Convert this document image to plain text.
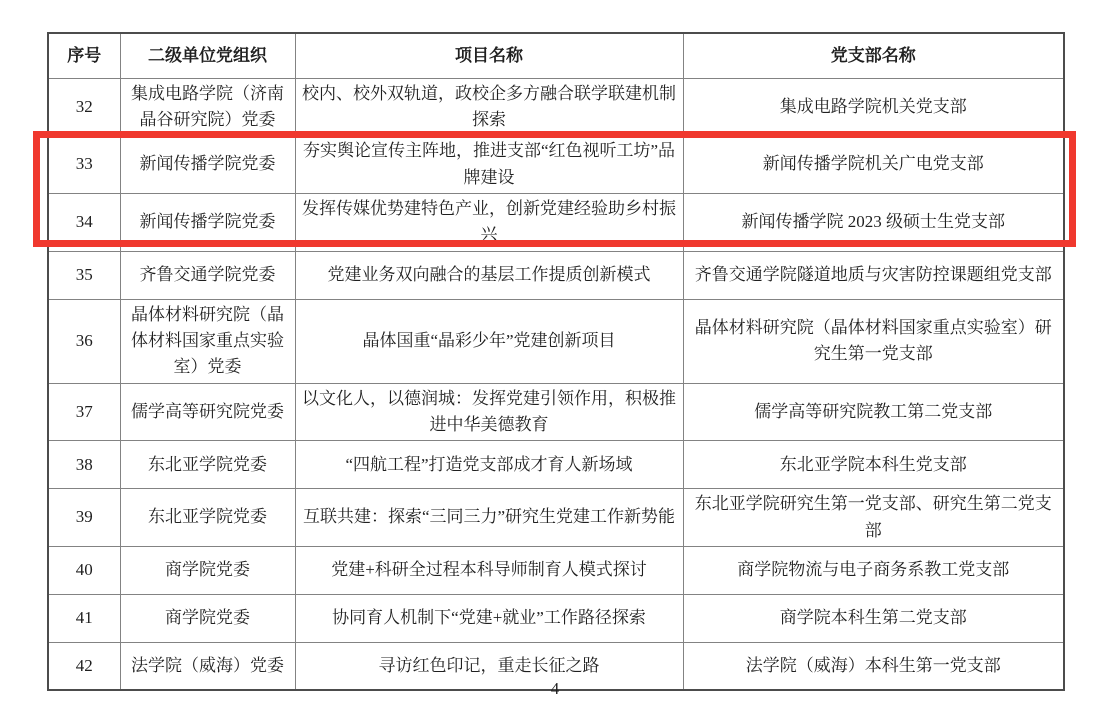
序号	二级单位党组织	项目名称	党支部名称
32	集成电路学院（济南晶谷研究院）党委	校内、校外双轨道，政校企多方融合联学联建机制探索	集成电路学院机关党支部
33	新闻传播学院党委	夯实舆论宣传主阵地，推进支部“红色视听工坊”品牌建设	新闻传播学院机关广电党支部
34	新闻传播学院党委	发挥传媒优势建特色产业，创新党建经验助乡村振兴	新闻传播学院 2023 级硕士生党支部
35	齐鲁交通学院党委	党建业务双向融合的基层工作提质创新模式	齐鲁交通学院隧道地质与灾害防控课题组党支部
36	晶体材料研究院（晶体材料国家重点实验室）党委	晶体国重“晶彩少年”党建创新项目	晶体材料研究院（晶体材料国家重点实验室）研究生第一党支部
37	儒学高等研究院党委	以文化人，以德润城：发挥党建引领作用，积极推进中华美德教育	儒学高等研究院教工第二党支部
38	东北亚学院党委	“四航工程”打造党支部成才育人新场域	东北亚学院本科生党支部
39	东北亚学院党委	互联共建：探索“三同三力”研究生党建工作新势能	东北亚学院研究生第一党支部、研究生第二党支部
40	商学院党委	党建+科研全过程本科导师制育人模式探讨	商学院物流与电子商务系教工党支部
41	商学院党委	协同育人机制下“党建+就业”工作路径探索	商学院本科生第二党支部
42	法学院（威海）党委	寻访红色印记，重走长征之路	法学院（威海）本科生第一党支部
4
